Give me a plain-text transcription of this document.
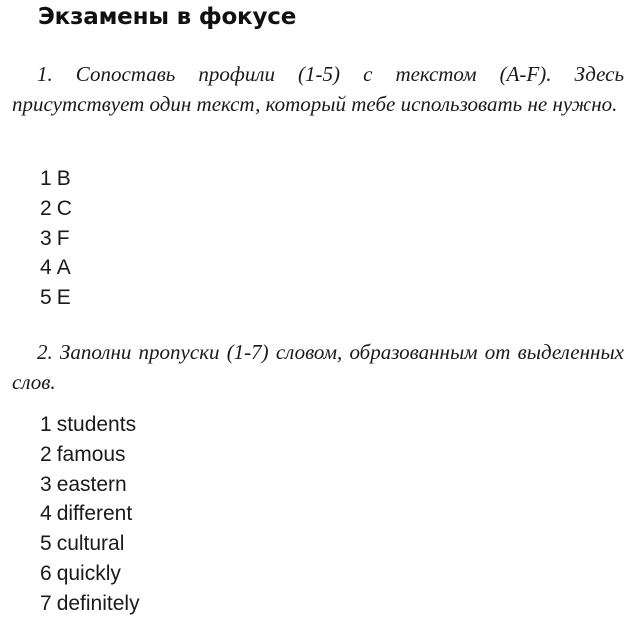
Экзамены в фокусе
1. Сопоставь профили (1-5) с текстом (A-F). Здесь присутствует один текст, который тебе использовать не нужно.
1 B
2 C
3 F
4 A
5 E
2. Заполни пропуски (1-7) словом, образованным от выделенных слов.
1 students
2 famous
3 eastern
4 different
5 cultural
6 quickly
7 definitely
